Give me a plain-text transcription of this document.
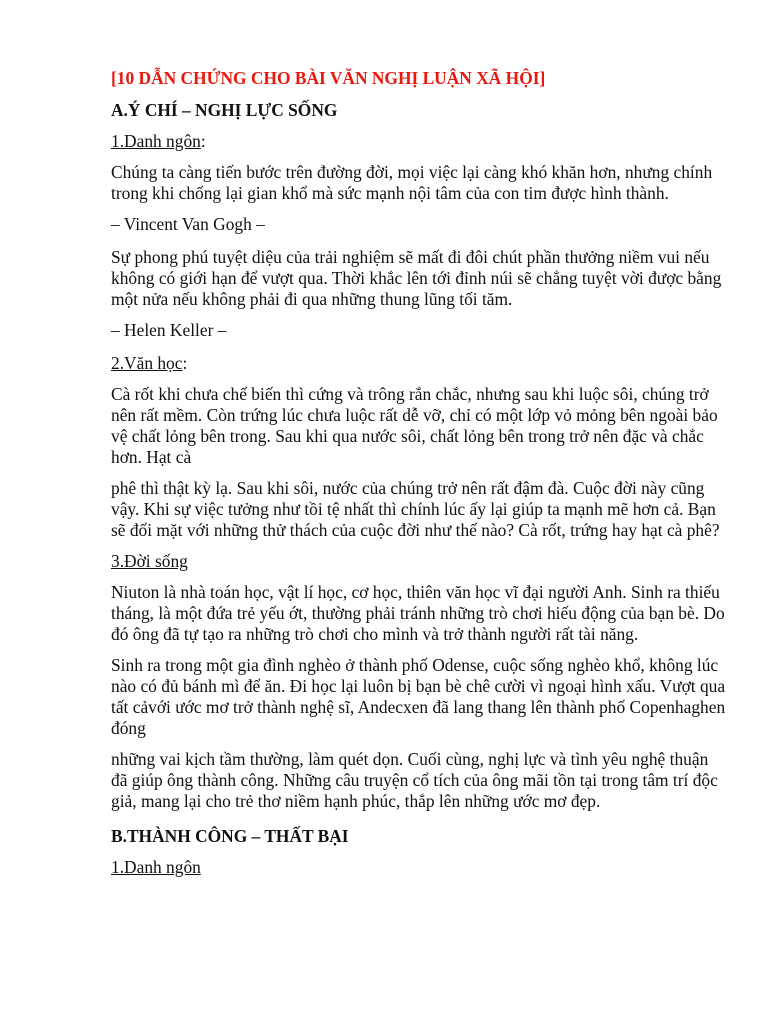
[10 DẪN CHỨNG CHO BÀI VĂN NGHỊ LUẬN XÃ HỘI]
A.Ý CHÍ – NGHỊ LỰC SỐNG
1.Danh ngôn:

Chúng ta càng tiến bước trên đường đời, mọi việc lại càng khó khăn hơn, nhưng chính trong khi chống lại gian khổ mà sức mạnh nội tâm của con tim được hình thành.

– Vincent Van Gogh –

Sự phong phú tuyệt diệu của trải nghiệm sẽ mất đi đôi chút phần thưởng niềm vui nếu không có giới hạn để vượt qua. Thời khắc lên tới đỉnh núi sẽ chẳng tuyệt vời được bằng một nửa nếu không phải đi qua những thung lũng tối tăm.

– Helen Keller –
2.Văn học:

Cà rốt khi chưa chế biến thì cứng và trông rắn chắc, nhưng sau khi luộc sôi, chúng trở nên rất mềm. Còn trứng lúc chưa luộc rất dễ vỡ, chỉ có một lớp vỏ mỏng bên ngoài bảo vệ chất lỏng bên trong. Sau khi qua nước sôi, chất lỏng bên trong trở nên đặc và chắc hơn. Hạt cà

phê thì thật kỳ lạ. Sau khi sôi, nước của chúng trở nên rất đậm đà. Cuộc đời này cũng vậy. Khi sự việc tưởng như tồi tệ nhất thì chính lúc ấy lại giúp ta mạnh mẽ hơn cả. Bạn sẽ đối mặt với những thử thách của cuộc đời như thế nào? Cà rốt, trứng hay hạt cà phê?

3.Đời sống

Niuton là nhà toán học, vật lí học, cơ học, thiên văn học vĩ đại người Anh. Sinh ra thiếu tháng, là một đứa trẻ yếu ớt, thường phải tránh những trò chơi hiếu động của bạn bè. Do đó ông đã tự tạo ra những trò chơi cho mình và trở thành người rất tài năng.

Sinh ra trong một gia đình nghèo ở thành phố Odense, cuộc sống nghèo khổ, không lúc nào có đủ bánh mì để ăn. Đi học lại luôn bị bạn bè chê cười vì ngoại hình xấu. Vượt qua tất cảvới ước mơ trở thành nghệ sĩ, Andecxen đã lang thang lên thành phố Copenhaghen đóng

những vai kịch tầm thường, làm quét dọn. Cuối cùng, nghị lực và tình yêu nghệ thuận đã giúp ông thành công. Những câu truyện cổ tích của ông mãi tồn tại trong tâm trí độc giả, mang lại cho trẻ thơ niềm hạnh phúc, thắp lên những ước mơ đẹp.

B.THÀNH CÔNG – THẤT BẠI
1.Danh ngôn
